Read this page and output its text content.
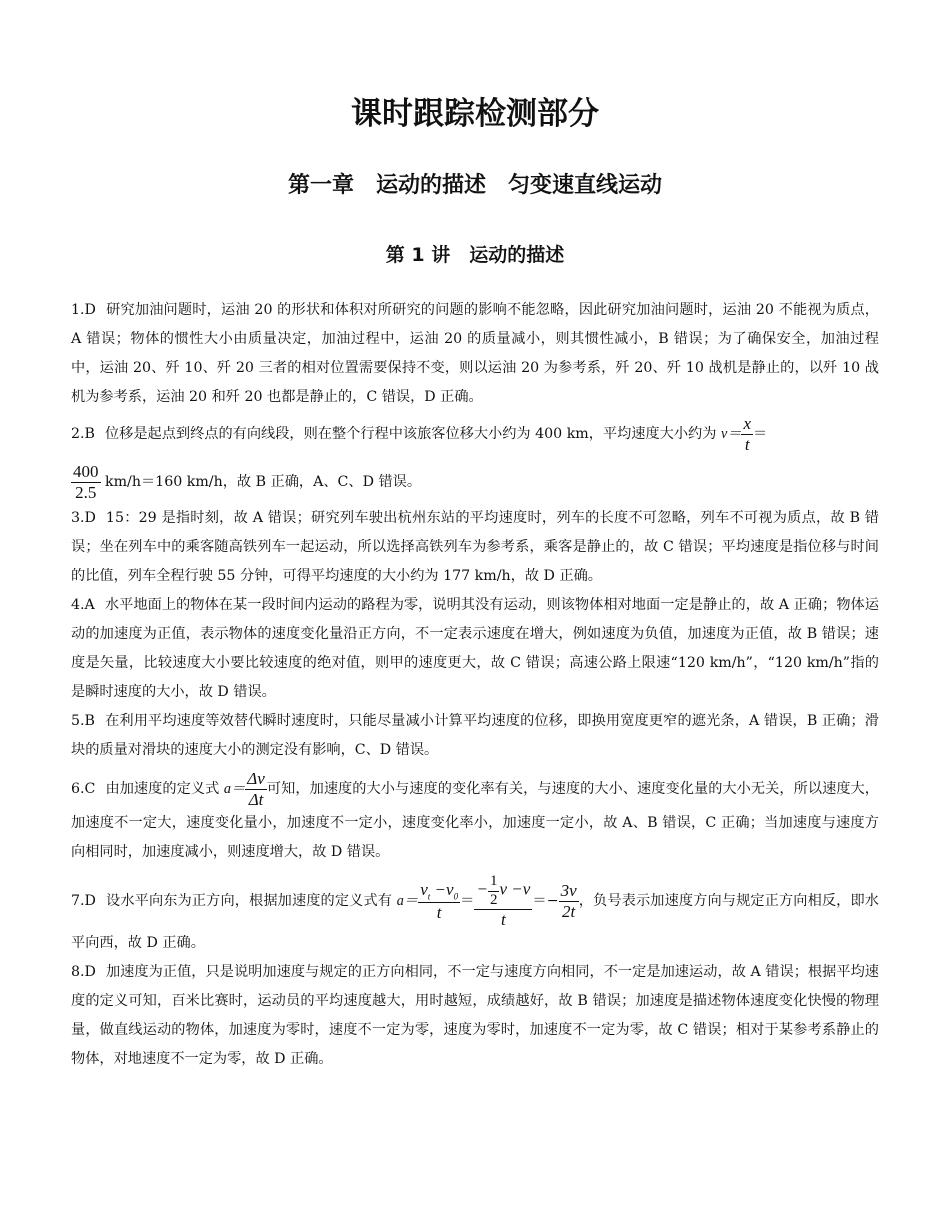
课时跟踪检测部分
第一章　运动的描述　匀变速直线运动
第 1 讲　运动的描述

1.D 研究加油问题时，运油 20 的形状和体积对所研究的问题的影响不能忽略，因此研究加油问题时，运油 20 不能视为质点，A 错误；物体的惯性大小由质量决定，加油过程中，运油 20 的质量减小，则其惯性减小，B 错误；为了确保安全，加油过程中，运油 20、歼 10、歼 20 三者的相对位置需要保持不变，则以运油 20 为参考系，歼 20、歼 10 战机是静止的，以歼 10 战机为参考系，运油 20 和歼 20 也都是静止的，C 错误，D 正确。

2.B 位移是起点到终点的有向线段，则在整个行程中该旅客位移大小约为 400 km，平均速度大小约为 $v= \frac{x}{t}$ ＝

$\frac{400}{2.5} km/h=160$ km/h，故 B 正确，A、C、D 错误。

3.D 15：29 是指时刻，故 A 错误；研究列车驶出杭州东站的平均速度时，列车的长度不可忽略，列车不可视为质点，故 B 错误；坐在列车中的乘客随高铁列车一起运动，所以选择高铁列车为参考系，乘客是静止的，故 C 错误；平均速度是指位移与时间的比值，列车全程行驶 55 分钟，可得平均速度的大小约为 177 km/h，故 D 正确。

4.A 水平地面上的物体在某一段时间内运动的路程为零，说明其没有运动，则该物体相对地面一定是静止的，故 A 正确；物体运动的加速度为正值，表示物体的速度变化量沿正方向，不一定表示速度在增大，例如速度为负值，加速度为正值，故 B 错误；速度是矢量，比较速度大小要比较速度的绝对值，则甲的速度更大，故 C 错误；高速公路上限速“120 km/h”，“120 km/h”指的是瞬时速度的大小，故 D 错误。

5.B 在利用平均速度等效替代瞬时速度时，只能尽量减小计算平均速度的位移，即换用宽度更窄的遮光条，A 错误，B 正确；滑块的质量对滑块的速度大小的测定没有影响，C、D 错误。

6.C 由加速度的定义式 $a= \frac{\Delta v}{\Delta t}$ 可知，加速度的大小与速度的变化率有关，与速度的大小、速度变化量的大小无关，所以速度大，加速度不一定大，速度变化量小，加速度不一定小，速度变化率小，加速度一定小，故 A、B 错误，C 正确；当加速度与速度方向相同时，加速度减小，则速度增大，故 D 错误。

7.D 设水平向东为正方向，根据加速度的定义式有 $a= \frac{v_t -v_0}{t} = \frac{- \frac{1}{2} v -v}{t} =- \frac{3v}{2t}$ ，负号表示加速度方向与规定正方向相反，即水平向西，故 D 正确。

8.D 加速度为正值，只是说明加速度与规定的正方向相同，不一定与速度方向相同，不一定是加速运动，故 A 错误；根据平均速度的定义可知，百米比赛时，运动员的平均速度越大，用时越短，成绩越好，故 B 错误；加速度是描述物体速度变化快慢的物理量，做直线运动的物体，加速度为零时，速度不一定为零，速度为零时，加速度不一定为零，故 C 错误；相对于某参考系静止的物体，对地速度不一定为零，故 D 正确。
